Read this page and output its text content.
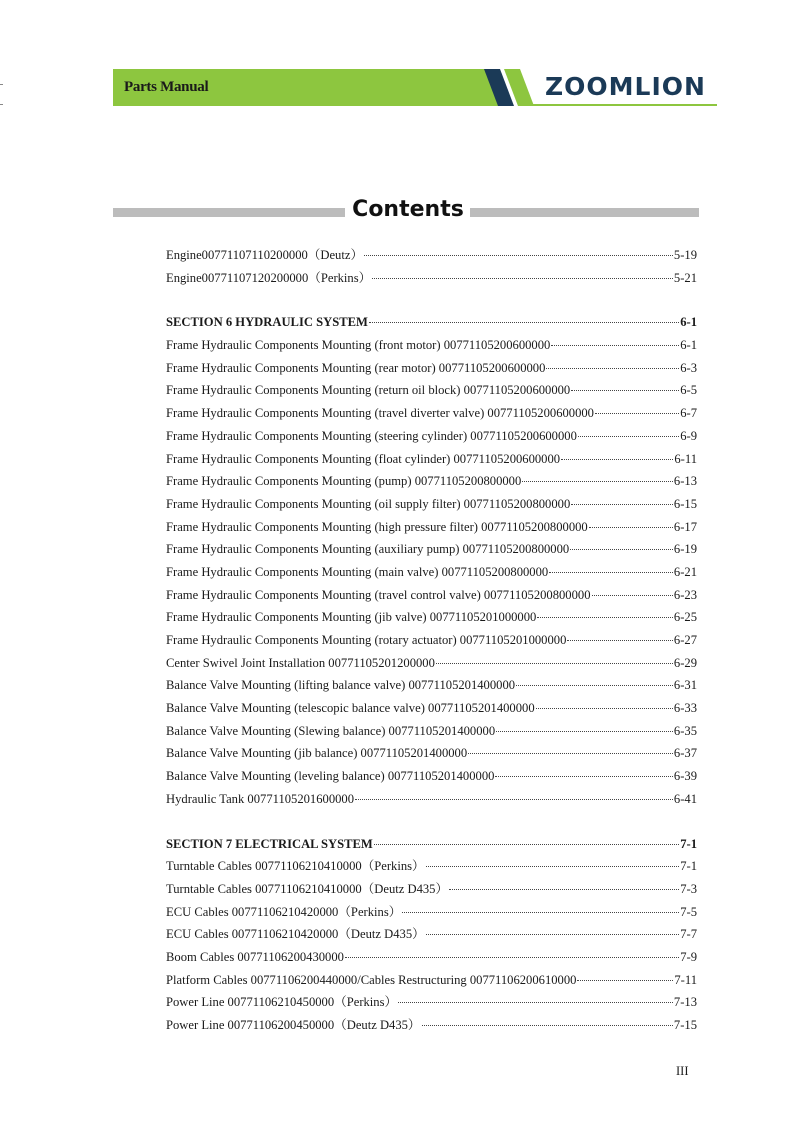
Parts Manual	ZOOMLION
Contents
Engine00771107110200000（Deutz）	5-19
Engine00771107120200000（Perkins）	5-21
SECTION 6 HYDRAULIC SYSTEM	6-1
Frame Hydraulic Components Mounting (front motor) 00771105200600000	6-1
Frame Hydraulic Components Mounting (rear motor) 00771105200600000	6-3
Frame Hydraulic Components Mounting (return oil block) 00771105200600000	6-5
Frame Hydraulic Components Mounting (travel diverter valve) 00771105200600000	6-7
Frame Hydraulic Components Mounting (steering cylinder) 00771105200600000	6-9
Frame Hydraulic Components Mounting (float cylinder) 00771105200600000	6-11
Frame Hydraulic Components Mounting (pump) 00771105200800000	6-13
Frame Hydraulic Components Mounting (oil supply filter) 00771105200800000	6-15
Frame Hydraulic Components Mounting (high pressure filter) 00771105200800000	6-17
Frame Hydraulic Components Mounting (auxiliary pump) 00771105200800000	6-19
Frame Hydraulic Components Mounting (main valve) 00771105200800000	6-21
Frame Hydraulic Components Mounting (travel control valve) 00771105200800000	6-23
Frame Hydraulic Components Mounting (jib valve) 00771105201000000	6-25
Frame Hydraulic Components Mounting (rotary actuator) 00771105201000000	6-27
Center Swivel Joint Installation 00771105201200000	6-29
Balance Valve Mounting (lifting balance valve) 00771105201400000	6-31
Balance Valve Mounting (telescopic balance valve) 00771105201400000	6-33
Balance Valve Mounting (Slewing balance) 00771105201400000	6-35
Balance Valve Mounting (jib balance) 00771105201400000	6-37
Balance Valve Mounting (leveling balance) 00771105201400000	6-39
Hydraulic Tank 00771105201600000	6-41
SECTION 7 ELECTRICAL SYSTEM	7-1
Turntable Cables 00771106210410000（Perkins）	7-1
Turntable Cables 00771106210410000（Deutz D435）	7-3
ECU Cables 00771106210420000（Perkins）	7-5
ECU Cables 00771106210420000（Deutz D435）	7-7
Boom Cables 00771106200430000	7-9
Platform Cables 00771106200440000/Cables Restructuring 00771106200610000	7-11
Power Line 00771106210450000（Perkins）	7-13
Power Line 00771106200450000（Deutz D435）	7-15
III
